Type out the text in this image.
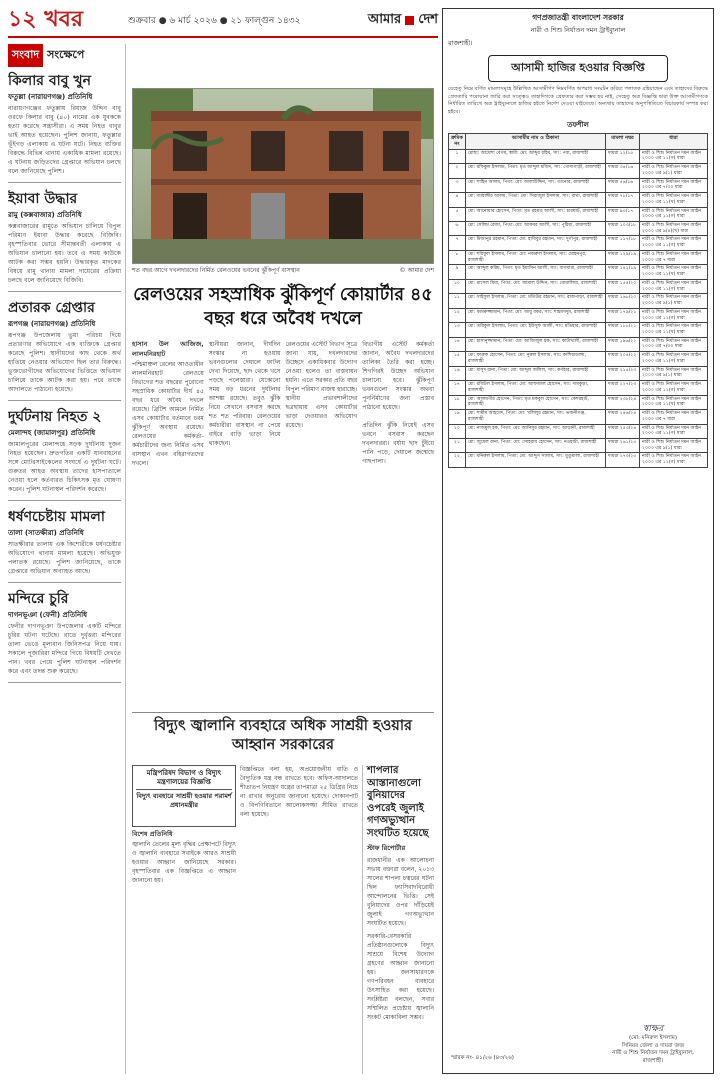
১২ খবর	শুক্রবার ● ৬ মার্চ ২০২৬ ● ২১ ফাল্গুন ১৪৩২	আমার দেশ
সংবাদ সংক্ষেপে
কিলার বাবু খুন
ফতুল্লা (নারায়ণগঞ্জ) প্রতিনিধি

নারায়ণগঞ্জের ফতুল্লায় রিয়াজ উদ্দিন বাবু ওরফে কিলার বাবু (৪০) নামের এক যুবককে হত্যা করেছে সন্ত্রাসীরা। এ সময় নিহত বাবুর ভাই আহত হয়েছেন। পুলিশ জানায়, ফতুল্লার ভূঁইগড় এলাকায় এ ঘটনা ঘটে। নিহত ব্যক্তির বিরুদ্ধে বিভিন্ন থানায় একাধিক মামলা রয়েছে। এ ঘটনায় জড়িতদের গ্রেপ্তারে অভিযান চলছে বলে জানিয়েছে পুলিশ।

ইয়াবা উদ্ধার
রামু (কক্সবাজার) প্রতিনিধি

কক্সবাজারের রামুতে অভিযান চালিয়ে বিপুল পরিমাণ ইয়াবা উদ্ধার করেছে বিজিবি। বৃহস্পতিবার ভোরে সীমান্তবর্তী এলাকায় এ অভিযান চালানো হয়। তবে এ সময় কাউকে আটক করা সম্ভব হয়নি। উদ্ধারকৃত মাদকের বিষয়ে রামু থানায় মামলা দায়েরের প্রক্রিয়া চলছে বলে জানিয়েছে বিজিবি।

প্রতারক গ্রেপ্তার
রূপগঞ্জ (নারায়ণগঞ্জ) প্রতিনিধি

রূপগঞ্জ উপজেলায় ভুয়া পরিচয় দিয়ে প্রতারণার অভিযোগে এক ব্যক্তিকে গ্রেপ্তার করেছে পুলিশ। স্থানীয়দের কাছ থেকে অর্থ হাতিয়ে নেওয়ার অভিযোগ ছিল তার বিরুদ্ধে। ভুক্তভোগীদের অভিযোগের ভিত্তিতে অভিযান চালিয়ে তাকে আটক করা হয়। পরে তাকে আদালতে পাঠানো হয়েছে।

দুর্ঘটনায় নিহত ২
মেলান্দহ (জামালপুর) প্রতিনিধি

জামালপুরের মেলান্দহে সড়ক দুর্ঘটনায় দুজন নিহত হয়েছেন। দ্রুতগতির একটি যানবাহনের সঙ্গে মোটরসাইকেলের সংঘর্ষে এ দুর্ঘটনা ঘটে। গুরুতর আহত অবস্থায় তাদের হাসপাতালে নেওয়া হলে কর্তব্যরত চিকিৎসক মৃত ঘোষণা করেন। পুলিশ ঘটনাস্থল পরিদর্শন করেছে।

ধর্ষণচেষ্টায় মামলা
তালা (সাতক্ষীরা) প্রতিনিধি

সাতক্ষীরার তালায় এক কিশোরীকে ধর্ষণচেষ্টার অভিযোগে থানায় মামলা হয়েছে। অভিযুক্ত পলাতক রয়েছে। পুলিশ জানিয়েছে, তাকে গ্রেপ্তারে অভিযান অব্যাহত আছে।

মন্দিরে চুরি
দাগনভূঞা (ফেনী) প্রতিনিধি

ফেনীর দাগনভূঞা উপজেলার একটি মন্দিরে চুরির ঘটনা ঘটেছে। রাতে দুর্বৃত্তরা মন্দিরের তালা ভেঙে মূল্যবান জিনিসপত্র নিয়ে যায়। সকালে পূজারিরা মন্দিরে গিয়ে বিষয়টি দেখতে পান। খবর পেয়ে পুলিশ ঘটনাস্থল পরিদর্শন করে এবং তদন্ত শুরু করেছে।

শত বছর আগে দখলদারদের নির্মিত রেলওয়ের ভবনের ঝুঁকিপূর্ণ বাসস্থান	© আমার দেশ
রেলওয়ের সহস্রাধিক ঝুঁকিপূর্ণ কোয়ার্টার ৪৫ বছর ধরে অবৈধ দখলে
হাসান উল আজিজ, লালমনিরহাট
পশ্চিমাঞ্চল রেলের আওতাধীন লালমনিরহাট রেলওয়ে বিভাগের শত বছরের পুরোনো সহস্রাধিক কোয়ার্টার দীর্ঘ ৪৫ বছর ধরে অবৈধ দখলে রয়েছে। ব্রিটিশ আমলে নির্মিত এসব কোয়ার্টার বর্তমানে চরম ঝুঁকিপূর্ণ অবস্থায় রয়েছে। রেলওয়ের কর্মকর্তা-কর্মচারীদের জন্য নির্মিত এসব বাসস্থান এখন বহিরাগতদের দখলে।
স্থানীয়রা জানান, দীর্ঘদিন সংস্কার না হওয়ায় ভবনগুলোর দেয়ালে ফাটল দেখা দিয়েছে, ছাদ থেকে খসে পড়ছে পলেস্তারা। যেকোনো সময় বড় ধরনের দুর্ঘটনার আশঙ্কা রয়েছে। তবুও ঝুঁকি নিয়ে সেখানে বসবাস করছে শত শত পরিবার। রেলওয়ের কর্মচারীরা বাসস্থান না পেয়ে বাইরে বাড়ি ভাড়া নিয়ে থাকছেন।
রেলওয়ের এস্টেট বিভাগ সূত্রে জানা যায়, দখলদারদের উচ্ছেদে একাধিকবার উদ্যোগ নেওয়া হলেও তা বাস্তবায়ন হয়নি। এতে সরকার প্রতি বছর বিপুল পরিমাণ রাজস্ব হারাচ্ছে। স্থানীয় প্রভাবশালীদের ছত্রছায়ায় এসব কোয়ার্টার ভাড়া দেওয়ারও অভিযোগ রয়েছে।
বিভাগীয় এস্টেট কর্মকর্তা জানান, অবৈধ দখলদারদের তালিকা তৈরি করা হচ্ছে। শিগগিরই উচ্ছেদ অভিযান চালানো হবে। ঝুঁকিপূর্ণ ভবনগুলো সংস্কার অথবা পুনর্নির্মাণের জন্য প্রস্তাব পাঠানো হয়েছে।

প্রতিদিন ঝুঁকি নিয়েই এসব ভবনে বসবাস করছেন দখলদাররা। বর্ষায় ছাদ চুঁইয়ে পানি পড়ে, দেয়ালে জন্মেছে গাছপালা।
বিদ্যুৎ জ্বালানি ব্যবহারে অধিক সাশ্রয়ী হওয়ার আহ্বান সরকারের
মন্ত্রিপরিষদ বিভাগ ও বিদ্যুৎ মন্ত্রণালয়ের বিজ্ঞপ্তি
বিদ্যুৎ ব্যবহারে সাশ্রয়ী হওয়ার পরামর্শ প্রধানমন্ত্রীর
বিশেষ প্রতিনিধি
জ্বালানি তেলের মূল্য বৃদ্ধির প্রেক্ষাপটে বিদ্যুৎ ও জ্বালানি ব্যবহারে সবাইকে আরও সাশ্রয়ী হওয়ার আহ্বান জানিয়েছে সরকার। বৃহস্পতিবার এক বিজ্ঞপ্তিতে এ আহ্বান জানানো হয়।
বিজ্ঞপ্তিতে বলা হয়, অপ্রয়োজনীয় বাতি ও বৈদ্যুতিক যন্ত্র বন্ধ রাখতে হবে। অফিস-আদালতে শীতাতপ নিয়ন্ত্রণ যন্ত্রের তাপমাত্রা ২৫ ডিগ্রির নিচে না রাখার অনুরোধ জানানো হয়েছে। দোকানপাট ও বিপণিবিতানে আলোকসজ্জা সীমিত রাখতে বলা হয়েছে।
শাপলার আস্তানাগুলো বুনিয়াদের ওপরেই জুলাই গণঅভ্যুত্থান সংঘটিত হয়েছে
স্টাফ রিপোর্টার
রাজধানীর এক আলোচনা সভায় বক্তারা বলেন, ২০১৩ সালের শাপলা চত্বরের ঘটনা ছিল ফ্যাসিবাদবিরোধী আন্দোলনের ভিত্তি। সেই বুনিয়াদের ওপর দাঁড়িয়েই জুলাই গণঅভ্যুত্থান সংঘটিত হয়েছে।
সরকারি-বেসরকারি প্রতিষ্ঠানগুলোকে বিদ্যুৎ সাশ্রয়ে বিশেষ উদ্যোগ গ্রহণের আহ্বান জানানো হয়। জনসাধারণকে গণপরিবহন ব্যবহারে উৎসাহিত করা হয়েছে। সংশ্লিষ্টরা বলছেন, সবার সম্মিলিত প্রচেষ্টায় জ্বালানি সংকট মোকাবিলা সম্ভব।
গণপ্রজাতন্ত্রী বাংলাদেশ সরকার
নারী ও শিশু নির্যাতন দমন ট্রাইব্যুনাল
রাজশাহী।
আসামী হাজির হওয়ার বিজ্ঞপ্তি

যেহেতু নিম্নে বর্ণিত মামলাসমূহে উল্লিখিত আসামীগণ নিম্নবর্ণিত অপরাধ সংঘটন করিয়া পলাতক রহিয়াছেন এবং তাহাদের বিরুদ্ধে গ্রেফতারি পরোয়ানা জারি করা সত্ত্বেও তাহাদিগকে গ্রেফতার করা সম্ভব হয় নাই, সেহেতু অত্র বিজ্ঞপ্তি দ্বারা উক্ত আসামীগণকে নির্ধারিত তারিখে অত্র ট্রাইব্যুনালে হাজির হইতে নির্দেশ দেওয়া যাইতেছে। অন্যথায় তাহাদের অনুপস্থিতিতে বিচারকার্য সম্পন্ন করা হইবে।

তফশীল
ক্রমিক নং	আসামীর নাম ও ঠিকানা	মামলা নম্বর	ধারা
১	মোছা: আয়েশা বেগম, স্বামী: মো: আব্দুর রহিম, সাং: পবা, রাজশাহী	দায়রা ১২/১৫	নারী ও শিশু নির্যাতন দমন আইন ২০০০ এর ১১(গ) ধারা
২	মো: রফিকুল ইসলাম, পিতা: মৃত আব্দুল মজিদ, সাং: গোদাগাড়ী, রাজশাহী	দায়রা ৩৪/১৬	নারী ও শিশু নির্যাতন দমন আইন ২০০০ এর ৯(১) ধারা
৩	মো: শাহিন আলম, পিতা: মো: আলাউদ্দিন, সাং: তানোর, রাজশাহী	দায়রা ৫৬/১৬	নারী ও শিশু নির্যাতন দমন আইন ২০০০ এর ৭/৩০ ধারা
৪	মো: জাহাঙ্গীর আলম, পিতা: মো: সিরাজুল ইসলাম, সাং: বাঘা, রাজশাহী	দায়রা ৭৮/১৭	নারী ও শিশু নির্যাতন দমন আইন ২০০০ এর ১১(খ) ধারা
৫	মো: আনোয়ার হোসেন, পিতা: মৃত রহমত আলী, সাং: চারঘাট, রাজশাহী	দায়রা ৯০/১৭	নারী ও শিশু নির্যাতন দমন আইন ২০০০ এর ১১(গ) ধারা
৬	মো: সেলিম রেজা, পিতা: মো: আকবর আলী, সাং: পুঠিয়া, রাজশাহী	দায়রা ১০৩/১৮	নারী ও শিশু নির্যাতন দমন আইন ২০০০ এর ৯(৪)(খ) ধারা
৭	মো: মিজানুর রহমান, পিতা: মো: হাবিবুর রহমান, সাং: দুর্গাপুর, রাজশাহী	দায়রা ১১৭/১৮	নারী ও শিশু নির্যাতন দমন আইন ২০০০ এর ১১(গ) ধারা
৮	মো: শরিফুল ইসলাম, পিতা: মো: নজরুল ইসলাম, সাং: মোহনপুর, রাজশাহী	দায়রা ১২৯/১৯	নারী ও শিশু নির্যাতন দমন আইন ২০০০ এর ৭ ধারা
৯	মো: আব্দুল করিম, পিতা: মৃত ইয়াসিন আলী, সাং: বাগমারা, রাজশাহী	দায়রা ১৪২/১৯	নারী ও শিশু নির্যাতন দমন আইন ২০০০ এর ১১(খ) ধারা
১০	মো: রাসেল মিয়া, পিতা: মো: জামাল উদ্দিন, সাং: বোয়ালিয়া, রাজশাহী	দায়রা ১৫৫/২০	নারী ও শিশু নির্যাতন দমন আইন ২০০০ এর ১১(গ) ধারা
১১	মো: সাইফুল ইসলাম, পিতা: মো: মতিউর রহমান, সাং: রাজপাড়া, রাজশাহী	দায়রা ১৬৮/২০	নারী ও শিশু নির্যাতন দমন আইন ২০০০ এর ৯(১) ধারা
১২	মো: কামরুজ্জামান, পিতা: মো: আবু বকর, সাং: শাহমখদুম, রাজশাহী	দায়রা ১৭৯/২১	নারী ও শিশু নির্যাতন দমন আইন ২০০০ এর ১১(গ) ধারা
১৩	মো: তরিকুল ইসলাম, পিতা: মো: ইউসুফ আলী, সাং: মতিহার, রাজশাহী	দায়রা ১৮৮/২১	নারী ও শিশু নির্যাতন দমন আইন ২০০০ এর ১১(খ) ধারা
১৪	মো: হাসানুজ্জামান, পিতা: মো: আজিজুল হক, সাং: কাটাখালী, রাজশাহী	দায়রা ১৯৬/২২	নারী ও শিশু নির্যাতন দমন আইন ২০০০ এর ৭/৩০ ধারা
১৫	মো: ফারুক হোসেন, পিতা: মো: নুরুল ইসলাম, সাং: কাশিয়াডাঙ্গা, রাজশাহী	দায়রা ২০৪/২২	নারী ও শিশু নির্যাতন দমন আইন ২০০০ এর ১১(গ) ধারা
১৬	মো: মাসুদ রানা, পিতা: মো: আব্দুল জলিল, সাং: কর্ণহার, রাজশাহী	দায়রা ২১৫/২৩	নারী ও শিশু নির্যাতন দমন আইন ২০০০ এর ৯(১) ধারা
১৭	মো: রবিউল ইসলাম, পিতা: মো: আফজাল হোসেন, সাং: দামকুড়া, রাজশাহী	দায়রা ২২৭/২৩	নারী ও শিশু নির্যাতন দমন আইন ২০০০ এর ১১(গ) ধারা
১৮	মো: আলমগীর হোসেন, পিতা: মৃত মকবুল হোসেন, সাং: কেশরহাট, রাজশাহী	দায়রা ২৩৮/২৪	নারী ও শিশু নির্যাতন দমন আইন ২০০০ এর ১১(খ) ধারা
১৯	মো: শামীম আহমেদ, পিতা: মো: খলিলুর রহমান, সাং: ভবানীগঞ্জ, রাজশাহী	দায়রা ২৪৬/২৪	নারী ও শিশু নির্যাতন দমন আইন ২০০০ এর ৭ ধারা
২০	মো: নাজমুল হক, পিতা: মো: আনিসুর রহমান, সাং: আড়ানী, রাজশাহী	দায়রা ২৫৩/২৪	নারী ও শিশু নির্যাতন দমন আইন ২০০০ এর ১১(গ) ধারা
২১	মো: জুয়েল রানা, পিতা: মো: সোহরাব হোসেন, সাং: নওহাটা, রাজশাহী	দায়রা ২৬১/২৫	নারী ও শিশু নির্যাতন দমন আইন ২০০০ এর ৯(১) ধারা
২২	মো: মনিরুল ইসলাম, পিতা: মো: আব্দুস সালাম, সাং: মুণ্ডুমালা, রাজশাহী	দায়রা ২৭০/২৫	নারী ও শিশু নির্যাতন দমন আইন ২০০০ এর ১১(গ) ধারা
স্মারক নং- ৪১/২৬ (৪৩/২৬)
স্বাক্ষর
(মো: মনিরুল ইসলাম)
সিনিয়র জেলা ও দায়রা জজ
নারী ও শিশু নির্যাতন দমন ট্রাইব্যুনাল, রাজশাহী।
